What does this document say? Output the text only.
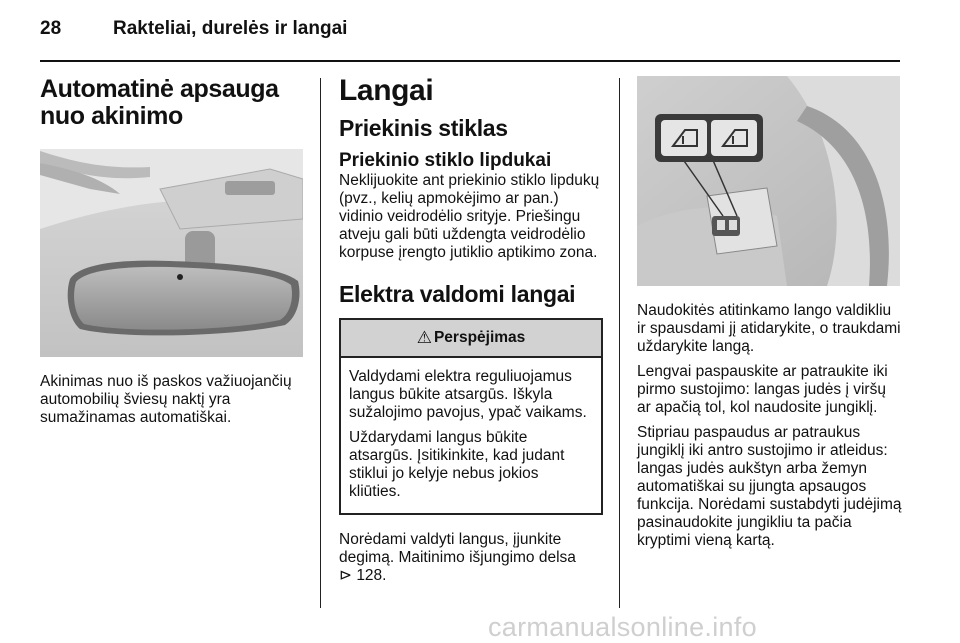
28	Rakteliai, durelės ir langai
Automatinė apsauga nuo akinimo

Akinimas nuo iš paskos važiuojančių automobilių šviesų naktį yra sumažinamas automatiškai.

Langai
Priekinis stiklas
Priekinio stiklo lipdukai

Neklijuokite ant priekinio stiklo lipdukų (pvz., kelių apmokėjimo ar pan.) vidinio veidrodėlio srityje. Priešingu atveju gali būti uždengta veidrodėlio korpuse įrengto jutiklio aptikimo zona.

Elektra valdomi langai
⚠ Perspėjimas

Valdydami elektra reguliuojamus langus būkite atsargūs. Iškyla sužalojimo pavojus, ypač vaikams.

Uždarydami langus būkite atsargūs. Įsitikinkite, kad judant stiklui jo kelyje nebus jokios kliūties.

Norėdami valdyti langus, įjunkite degimą. Maitinimo išjungimo delsa
⊳ 128.

Naudokitės atitinkamo lango valdikliu ir spausdami jį atidarykite, o traukdami uždarykite langą.

Lengvai paspauskite ar patraukite iki pirmo sustojimo: langas judės į viršų ar apačią tol, kol naudosite jungiklį.

Stipriau paspaudus ar patraukus jungiklį iki antro sustojimo ir atleidus: langas judės aukštyn arba žemyn automatiškai su įjungta apsaugos funkcija. Norėdami sustabdyti judėjimą pasinaudokite jungikliu ta pačia kryptimi vieną kartą.

carmanualsonline.info
